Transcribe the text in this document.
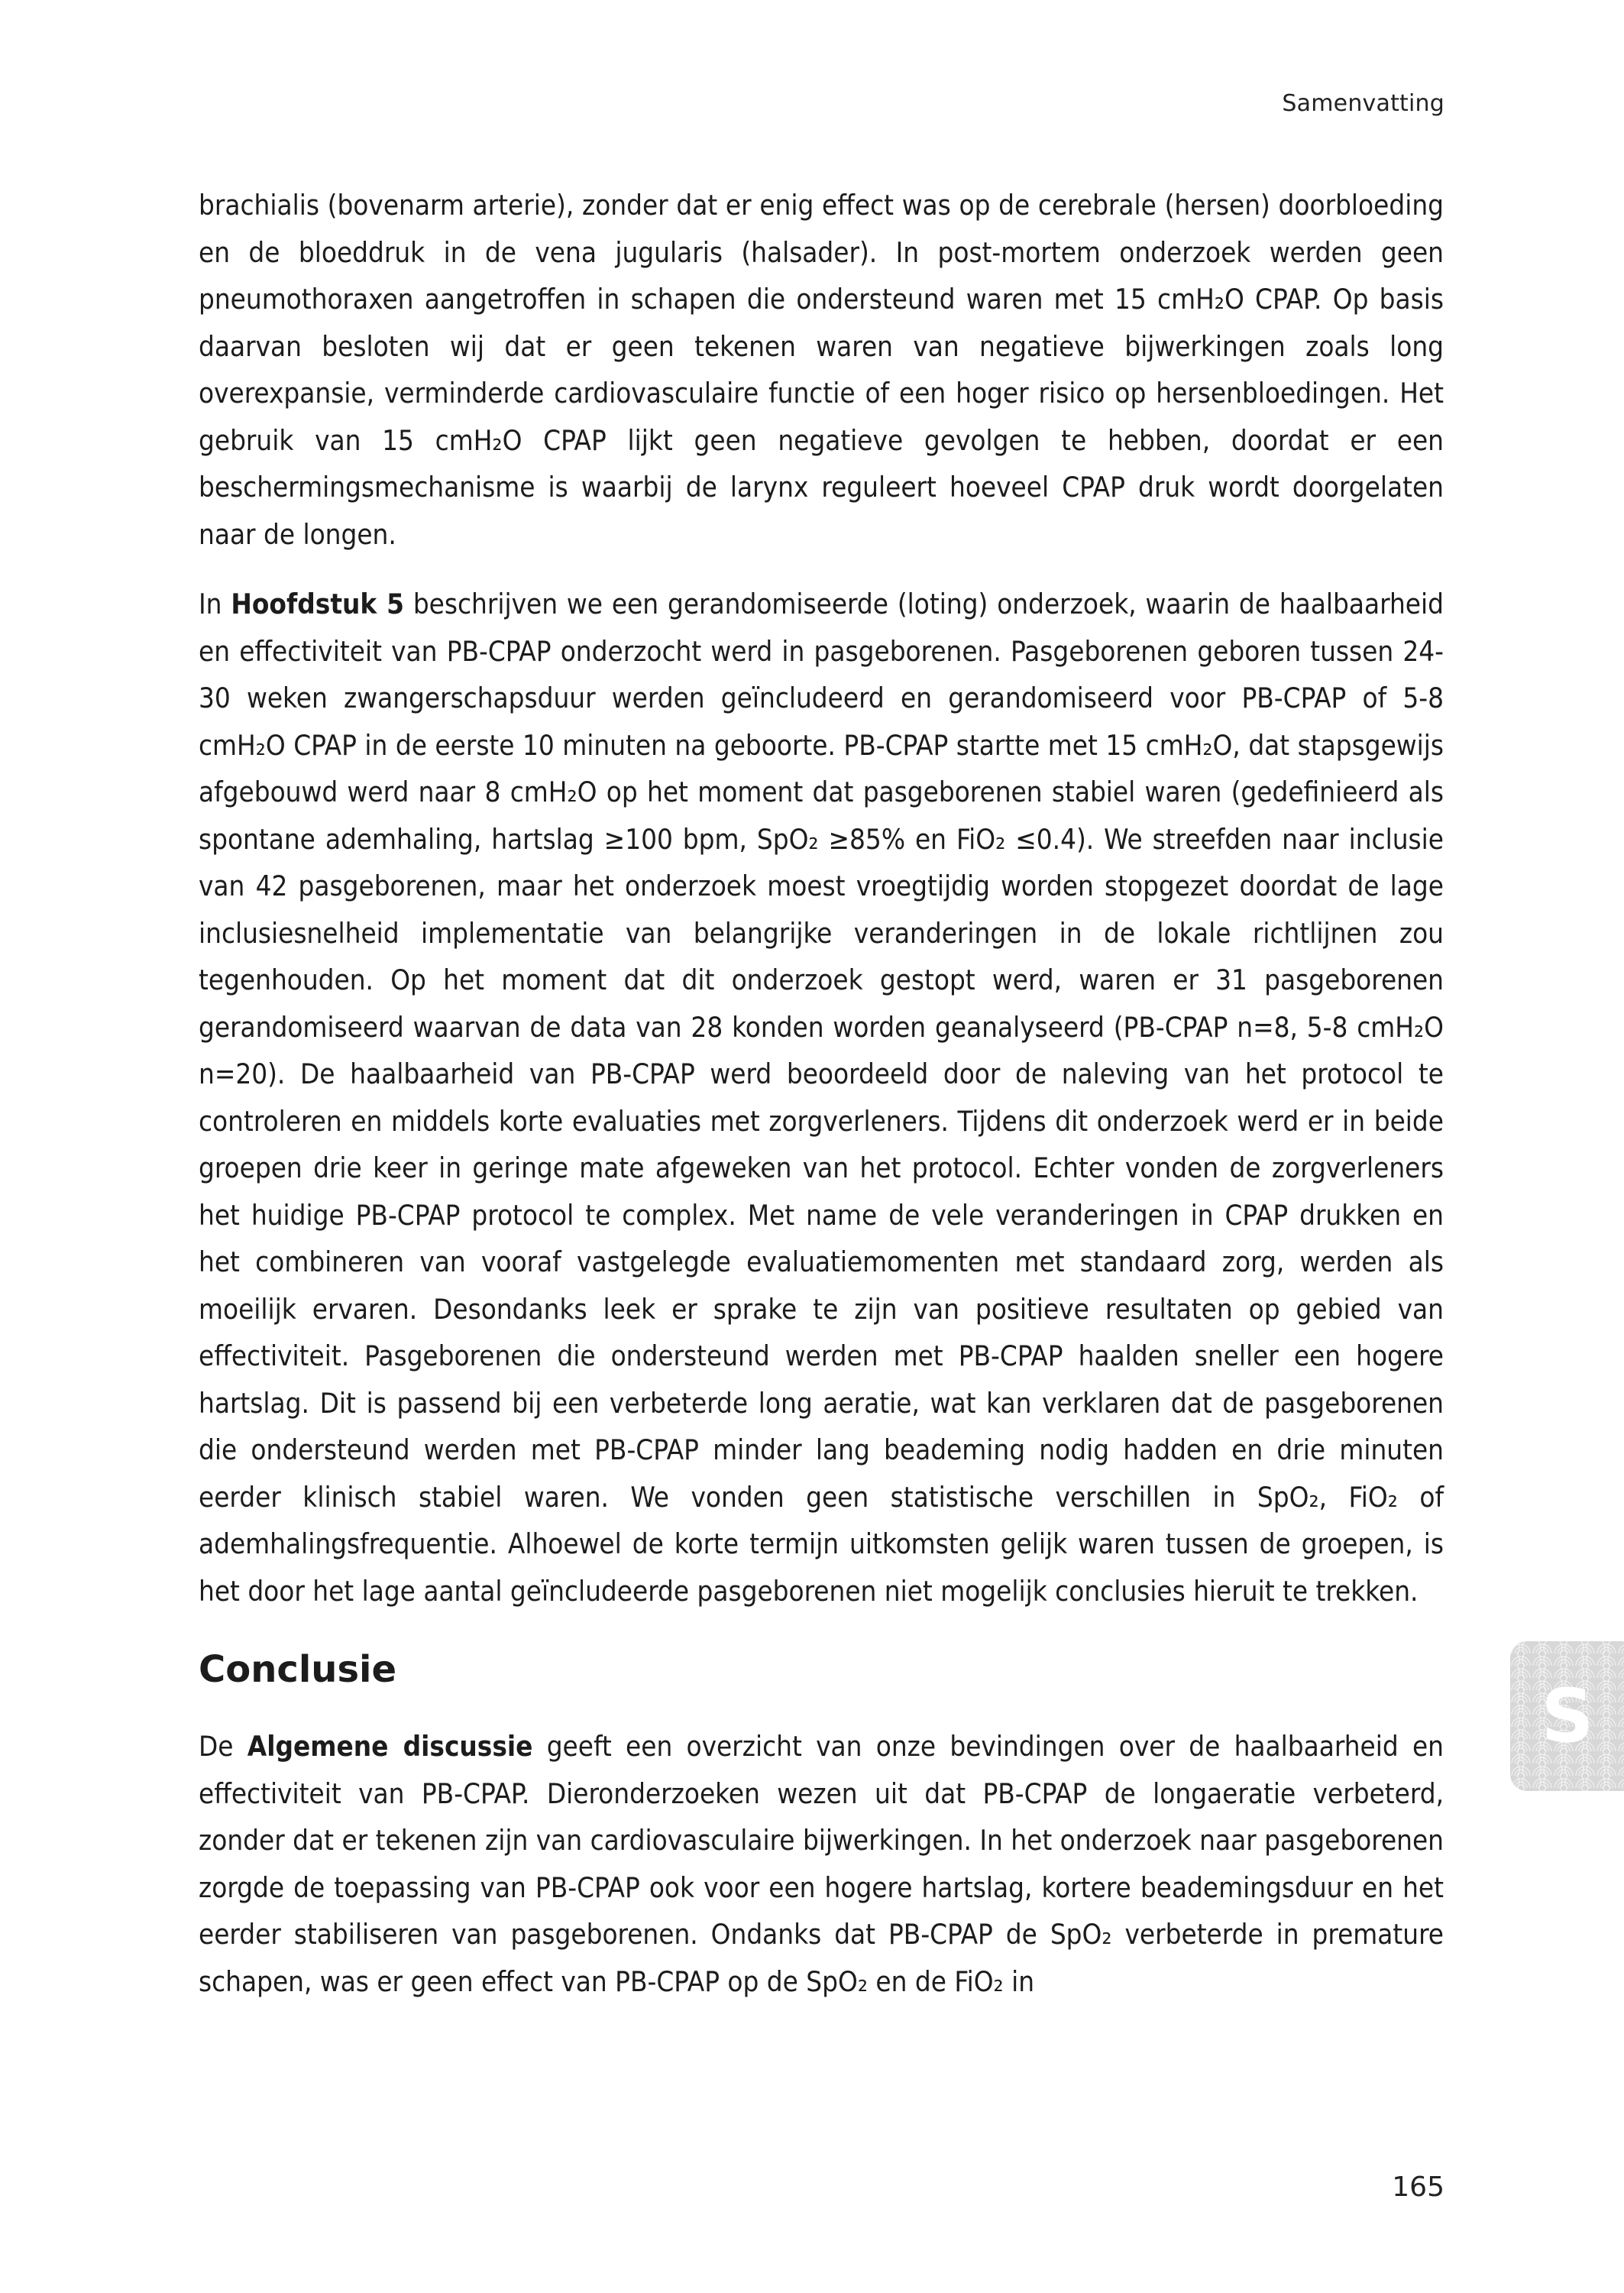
Samenvatting

brachialis (bovenarm arterie), zonder dat er enig effect was op de cerebrale (hersen) doorbloeding en de bloeddruk in de vena jugularis (halsader). In post-mortem onderzoek werden geen pneumothoraxen aangetroffen in schapen die ondersteund waren met 15 cmH₂O CPAP. Op basis daarvan besloten wij dat er geen tekenen waren van negatieve bijwerkingen zoals long overexpansie, verminderde cardiovasculaire functie of een hoger risico op hersenbloedingen. Het gebruik van 15 cmH₂O CPAP lijkt geen negatieve gevolgen te hebben, doordat er een beschermingsmechanisme is waarbij de larynx reguleert hoeveel CPAP druk wordt doorgelaten naar de longen.

In Hoofdstuk 5 beschrijven we een gerandomiseerde (loting) onderzoek, waarin de haalbaarheid en effectiviteit van PB-CPAP onderzocht werd in pasgeborenen. Pasgeborenen geboren tussen 24-30 weken zwangerschapsduur werden geïncludeerd en gerandomiseerd voor PB-CPAP of 5-8 cmH₂O CPAP in de eerste 10 minuten na geboorte. PB-CPAP startte met 15 cmH₂O, dat stapsgewijs afgebouwd werd naar 8 cmH₂O op het moment dat pasgeborenen stabiel waren (gedefinieerd als spontane ademhaling, hartslag ≥100 bpm, SpO₂ ≥85% en FiO₂ ≤0.4). We streefden naar inclusie van 42 pasgeborenen, maar het onderzoek moest vroegtijdig worden stopgezet doordat de lage inclusiesnelheid implementatie van belangrijke veranderingen in de lokale richtlijnen zou tegenhouden. Op het moment dat dit onderzoek gestopt werd, waren er 31 pasgeborenen gerandomiseerd waarvan de data van 28 konden worden geanalyseerd (PB-CPAP n=8, 5-8 cmH₂O n=20). De haalbaarheid van PB-CPAP werd beoordeeld door de naleving van het protocol te controleren en middels korte evaluaties met zorgverleners. Tijdens dit onderzoek werd er in beide groepen drie keer in geringe mate afgeweken van het protocol. Echter vonden de zorgverleners het huidige PB-CPAP protocol te complex. Met name de vele veranderingen in CPAP drukken en het combineren van vooraf vastgelegde evaluatiemomenten met standaard zorg, werden als moeilijk ervaren. Desondanks leek er sprake te zijn van positieve resultaten op gebied van effectiviteit. Pasgeborenen die ondersteund werden met PB-CPAP haalden sneller een hogere hartslag. Dit is passend bij een verbeterde long aeratie, wat kan verklaren dat de pasgeborenen die ondersteund werden met PB-CPAP minder lang beademing nodig hadden en drie minuten eerder klinisch stabiel waren. We vonden geen statistische verschillen in SpO₂, FiO₂ of ademhalingsfrequentie. Alhoewel de korte termijn uitkomsten gelijk waren tussen de groepen, is het door het lage aantal geïncludeerde pasgeborenen niet mogelijk conclusies hieruit te trekken.

Conclusie

De Algemene discussie geeft een overzicht van onze bevindingen over de haalbaarheid en effectiviteit van PB-CPAP. Dieronderzoeken wezen uit dat PB-CPAP de longaeratie verbeterd, zonder dat er tekenen zijn van cardiovasculaire bijwerkingen. In het onderzoek naar pasgeborenen zorgde de toepassing van PB-CPAP ook voor een hogere hartslag, kortere beademingsduur en het eerder stabiliseren van pasgeborenen. Ondanks dat PB-CPAP de SpO₂ verbeterde in premature schapen, was er geen effect van PB-CPAP op de SpO₂ en de FiO₂ in

S
165
